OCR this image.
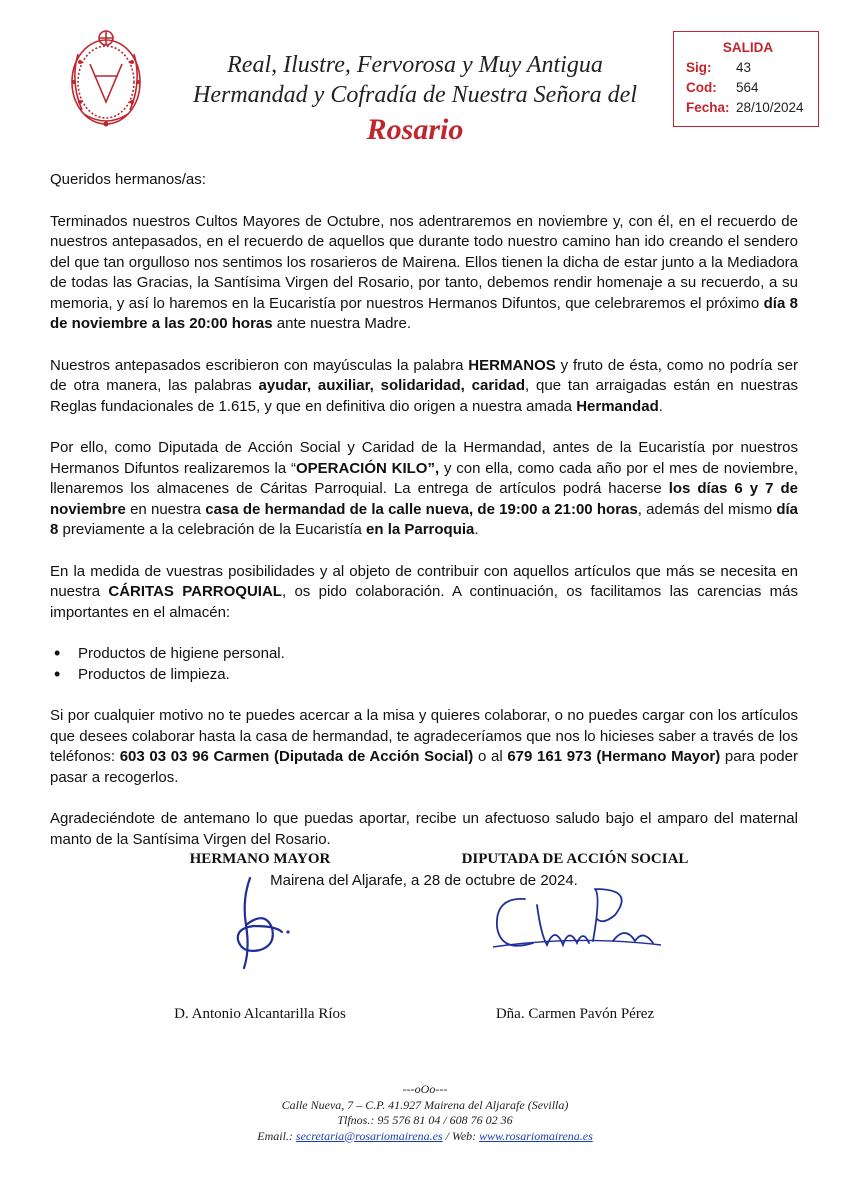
Real, Ilustre, Fervorosa y Muy Antigua
Hermandad y Cofradía de Nuestra Señora del
Rosario
SALIDA
Sig:	43
Cod:	564
Fecha: 28/10/2024

Queridos hermanos/as:

Terminados nuestros Cultos Mayores de Octubre, nos adentraremos en noviembre y, con él, en el recuerdo de nuestros antepasados, en el recuerdo de aquellos que durante todo nuestro camino han ido creando el sendero del que tan orgulloso nos sentimos los rosarieros de Mairena. Ellos tienen la dicha de estar junto a la Mediadora de todas las Gracias, la Santísima Virgen del Rosario, por tanto, debemos rendir homenaje a su recuerdo, a su memoria, y así lo haremos en la Eucaristía por nuestros Hermanos Difuntos, que celebraremos el próximo día 8 de noviembre a las 20:00 horas ante nuestra Madre.

Nuestros antepasados escribieron con mayúsculas la palabra HERMANOS y fruto de ésta, como no podría ser de otra manera, las palabras ayudar, auxiliar, solidaridad, caridad, que tan arraigadas están en nuestras Reglas fundacionales de 1.615, y que en definitiva dio origen a nuestra amada Hermandad.

Por ello, como Diputada de Acción Social y Caridad de la Hermandad, antes de la Eucaristía por nuestros Hermanos Difuntos realizaremos la “OPERACIÓN KILO”, y con ella, como cada año por el mes de noviembre, llenaremos los almacenes de Cáritas Parroquial. La entrega de artículos podrá hacerse los días 6 y 7 de noviembre en nuestra casa de hermandad de la calle nueva, de 19:00 a 21:00 horas, además del mismo día 8 previamente a la celebración de la Eucaristía en la Parroquia.

En la medida de vuestras posibilidades y al objeto de contribuir con aquellos artículos que más se necesita en nuestra CÁRITAS PARROQUIAL, os pido colaboración. A continuación, os facilitamos las carencias más importantes en el almacén:

• Productos de higiene personal.
• Productos de limpieza.

Si por cualquier motivo no te puedes acercar a la misa y quieres colaborar, o no puedes cargar con los artículos que desees colaborar hasta la casa de hermandad, te agradeceríamos que nos lo hicieses saber a través de los teléfonos: 603 03 03 96 Carmen (Diputada de Acción Social) o al 679 161 973 (Hermano Mayor) para poder pasar a recogerlos.

Agradeciéndote de antemano lo que puedas aportar, recibe un afectuoso saludo bajo el amparo del maternal manto de la Santísima Virgen del Rosario.

Mairena del Aljarafe, a 28 de octubre de 2024.

HERMANO MAYOR	DIPUTADA DE ACCIÓN SOCIAL
D. Antonio Alcantarilla Ríos	Dña. Carmen Pavón Pérez
---oOo---
Calle Nueva, 7 – C.P. 41.927 Mairena del Aljarafe (Sevilla)
Tlfnos.: 95 576 81 04 / 608 76 02 36
Email.: secretaria@rosariomairena.es / Web: www.rosariomairena.es
